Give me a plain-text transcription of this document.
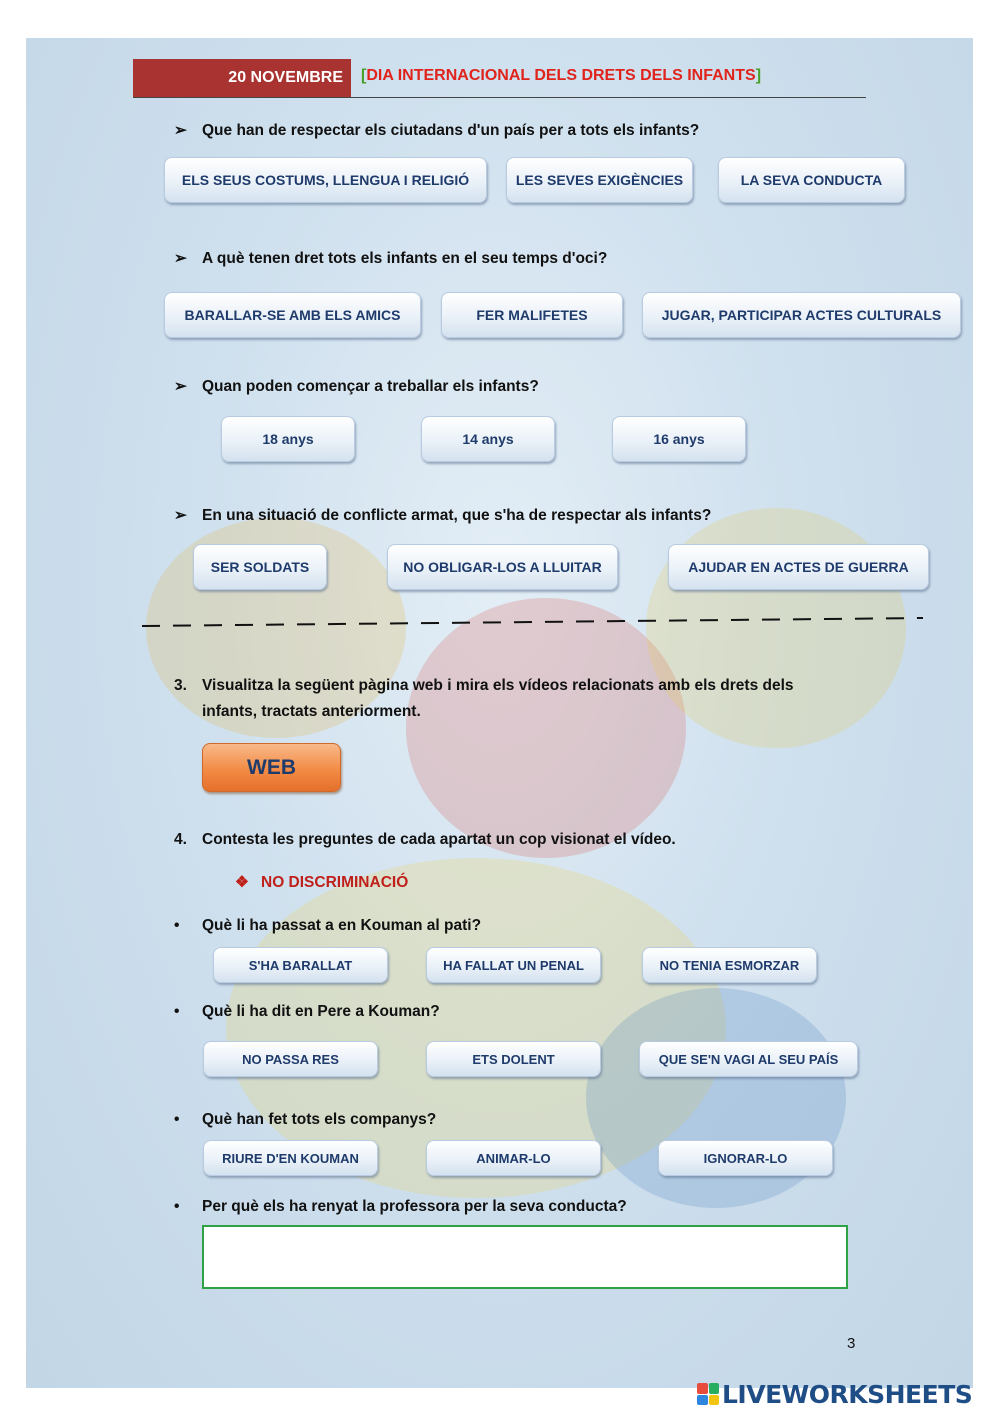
20 NOVEMBRE	[DIA INTERNACIONAL DELS DRETS DELS INFANTS]
➢ Que han de respectar els ciutadans d'un país per a tots els infants?
ELS SEUS COSTUMS, LLENGUA I RELIGIÓ	LES SEVES EXIGÈNCIES	LA SEVA CONDUCTA
➢ A què tenen dret tots els infants en el seu temps d'oci?
BARALLAR-SE AMB ELS AMICS	FER MALIFETES	JUGAR, PARTICIPAR ACTES CULTURALS
➢ Quan poden començar a treballar els infants?
18 anys	14 anys	16 anys
➢ En una situació de conflicte armat, que s'ha de respectar als infants?
SER SOLDATS	NO OBLIGAR-LOS A LLUITAR	AJUDAR EN ACTES DE GUERRA
3. Visualitza la següent pàgina web i mira els vídeos relacionats amb els drets dels
infants, tractats anteriorment.
WEB
4. Contesta les preguntes de cada apartat un cop visionat el vídeo.
❖ NO DISCRIMINACIÓ
• Què li ha passat a en Kouman al pati?
S'HA BARALLAT	HA FALLAT UN PENAL	NO TENIA ESMORZAR
• Què li ha dit en Pere a Kouman?
NO PASSA RES	ETS DOLENT	QUE SE'N VAGI AL SEU PAÍS
• Què han fet tots els companys?
RIURE D'EN KOUMAN	ANIMAR-LO	IGNORAR-LO
• Per què els ha renyat la professora per la seva conducta?
3
LIVEWORKSHEETS
